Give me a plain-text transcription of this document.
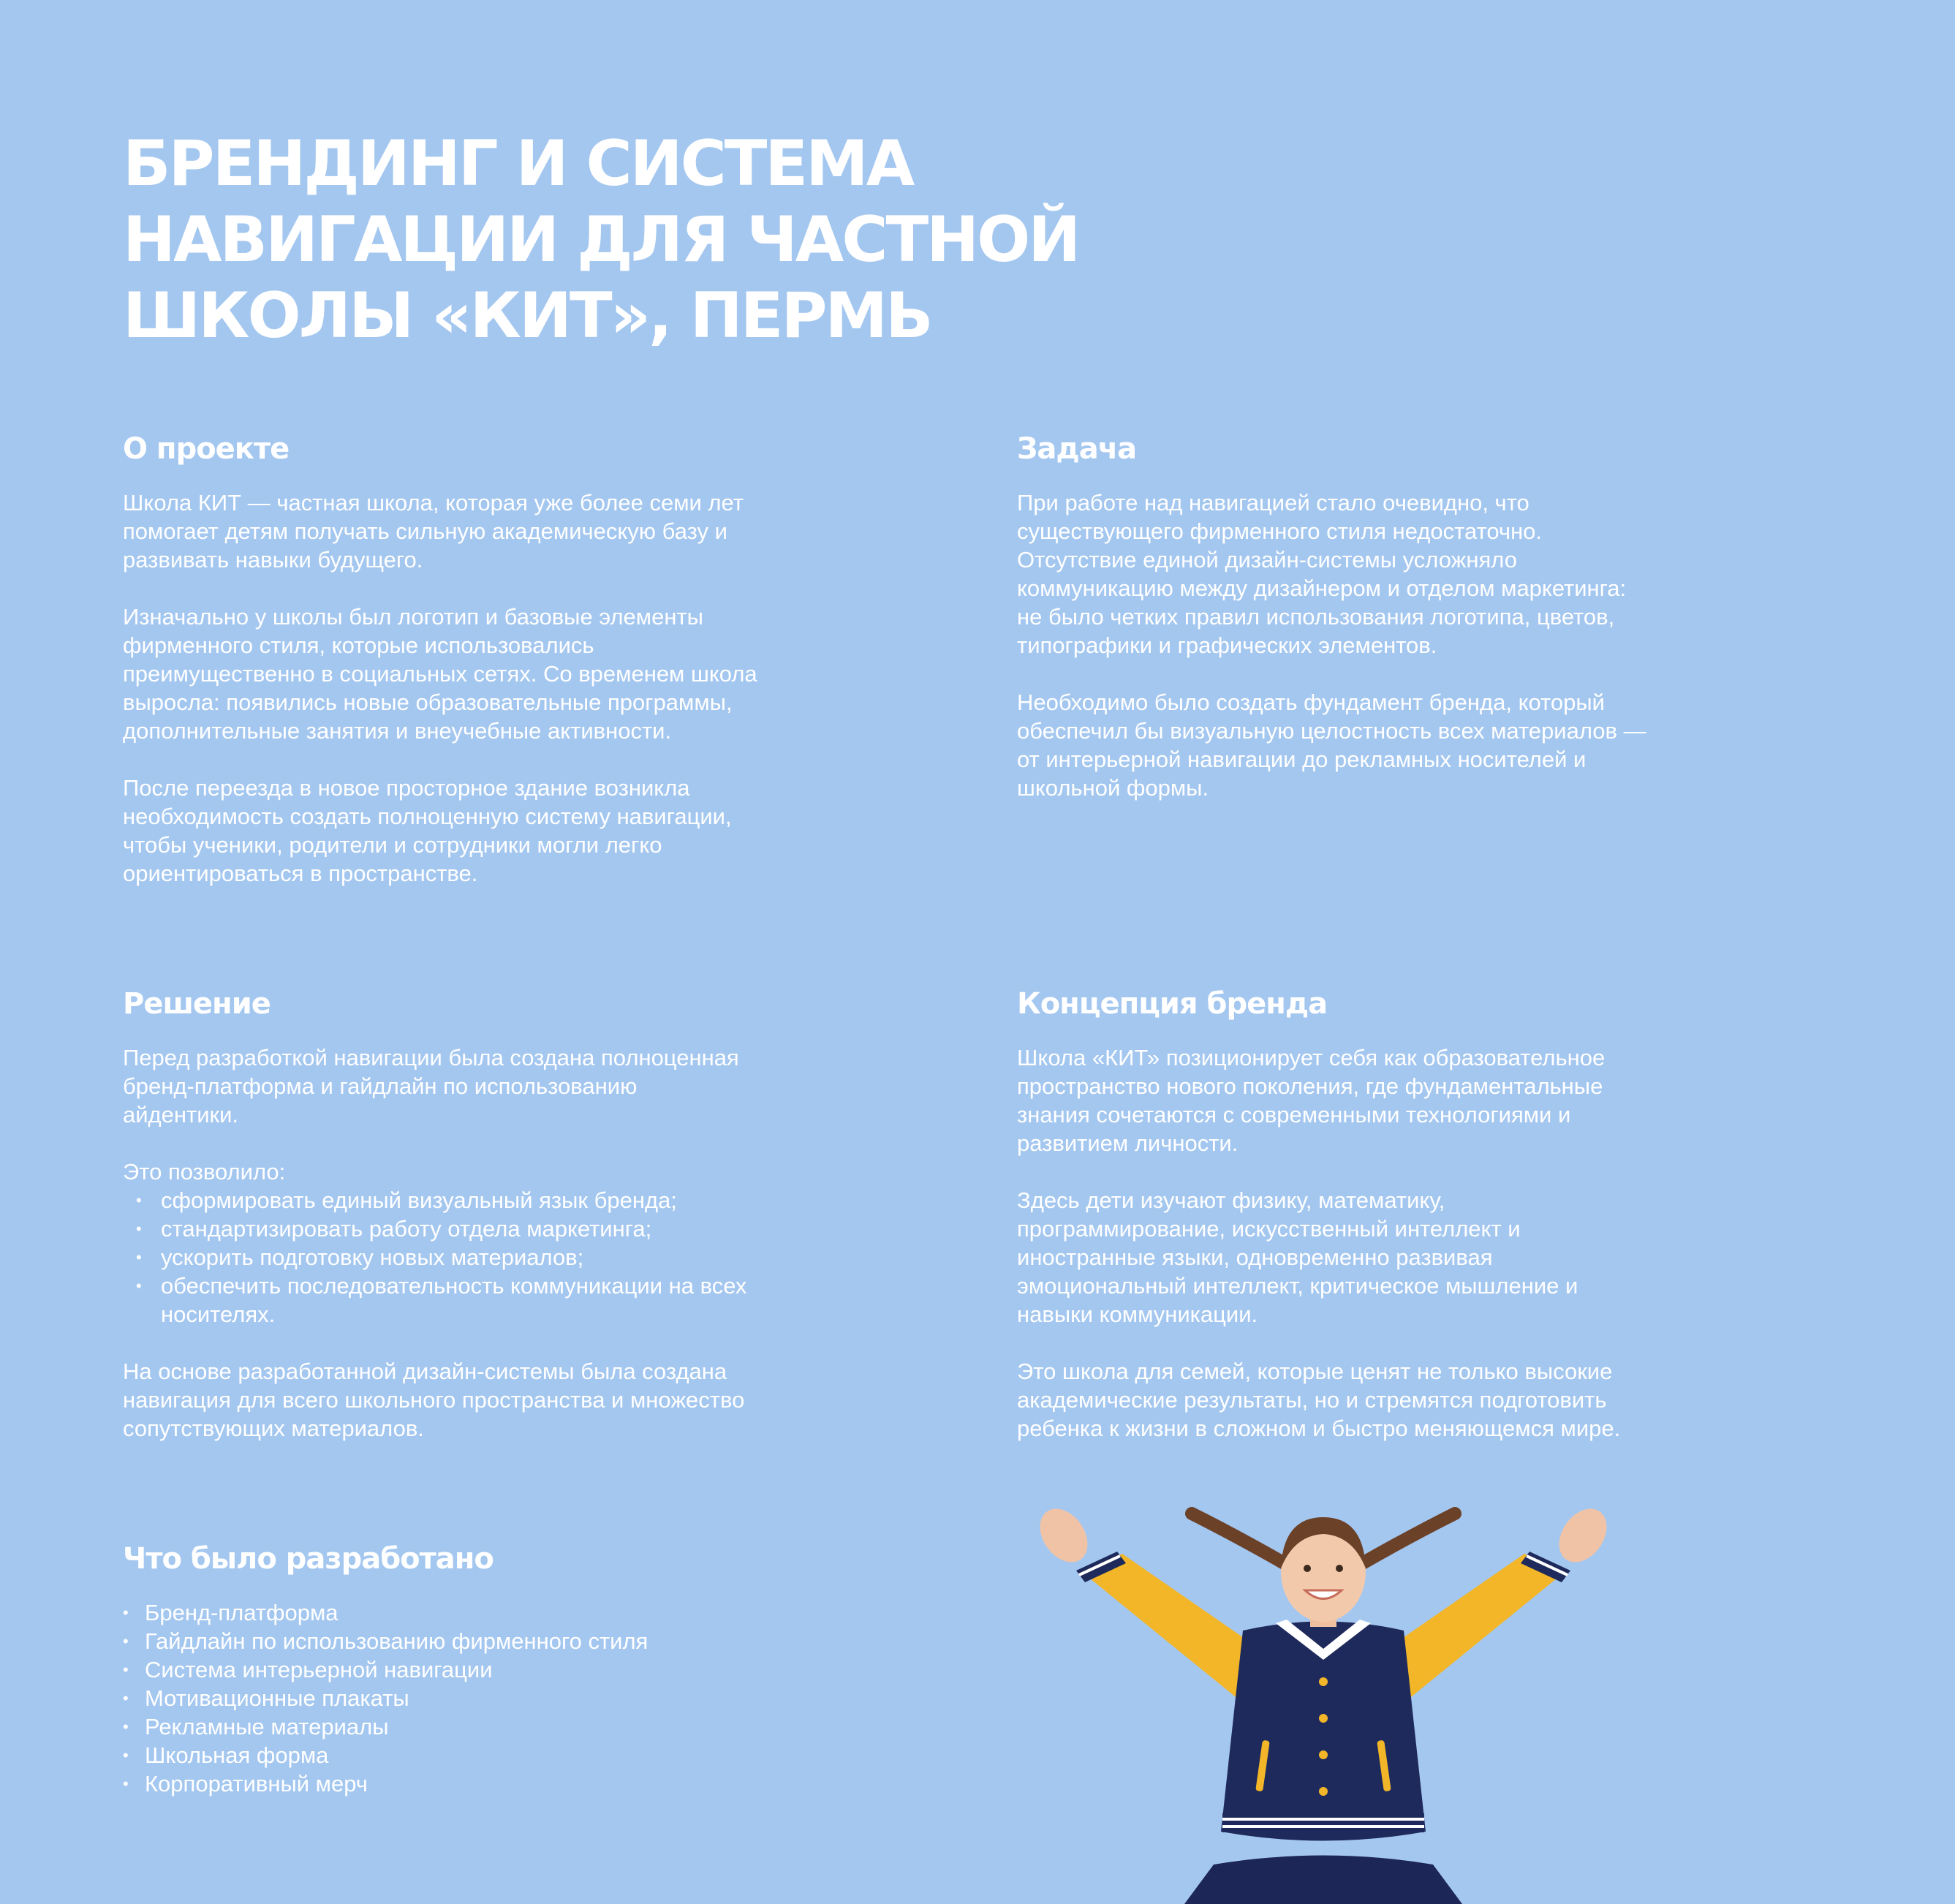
БРЕНДИНГ И СИСТЕМА
НАВИГАЦИИ ДЛЯ ЧАСТНОЙ
ШКОЛЫ «КИТ», ПЕРМЬ
О проекте

Школа КИТ — частная школа, которая уже более семи лет
помогает детям получать сильную академическую базу и
развивать навыки будущего.

Изначально у школы был логотип и базовые элементы
фирменного стиля, которые использовались
преимущественно в социальных сетях. Со временем школа
выросла: появились новые образовательные программы,
дополнительные занятия и внеучебные активности.

После переезда в новое просторное здание возникла
необходимость создать полноценную систему навигации,
чтобы ученики, родители и сотрудники могли легко
ориентироваться в пространстве.

Задача

При работе над навигацией стало очевидно, что
существующего фирменного стиля недостаточно.
Отсутствие единой дизайн-системы усложняло
коммуникацию между дизайнером и отделом маркетинга:
не было четких правил использования логотипа, цветов,
типографики и графических элементов.

Необходимо было создать фундамент бренда, который
обеспечил бы визуальную целостность всех материалов —
от интерьерной навигации до рекламных носителей и
школьной формы.

Решение

Перед разработкой навигации была создана полноценная
бренд-платформа и гайдлайн по использованию
айдентики.

Это позволило:

• сформировать единый визуальный язык бренда;
• стандартизировать работу отдела маркетинга;
• ускорить подготовку новых материалов;
• обеспечить последовательность коммуникации на всех
носителях.

На основе разработанной дизайн-системы была создана
навигация для всего школьного пространства и множество
сопутствующих материалов.

Концепция бренда

Школа «КИТ» позиционирует себя как образовательное
пространство нового поколения, где фундаментальные
знания сочетаются с современными технологиями и
развитием личности.

Здесь дети изучают физику, математику,
программирование, искусственный интеллект и
иностранные языки, одновременно развивая
эмоциональный интеллект, критическое мышление и
навыки коммуникации.

Это школа для семей, которые ценят не только высокие
академические результаты, но и стремятся подготовить
ребенка к жизни в сложном и быстро меняющемся мире.

Что было разработано
• Бренд-платформа
• Гайдлайн по использованию фирменного стиля
• Система интерьерной навигации
• Мотивационные плакаты
• Рекламные материалы
• Школьная форма
• Корпоративный мерч
